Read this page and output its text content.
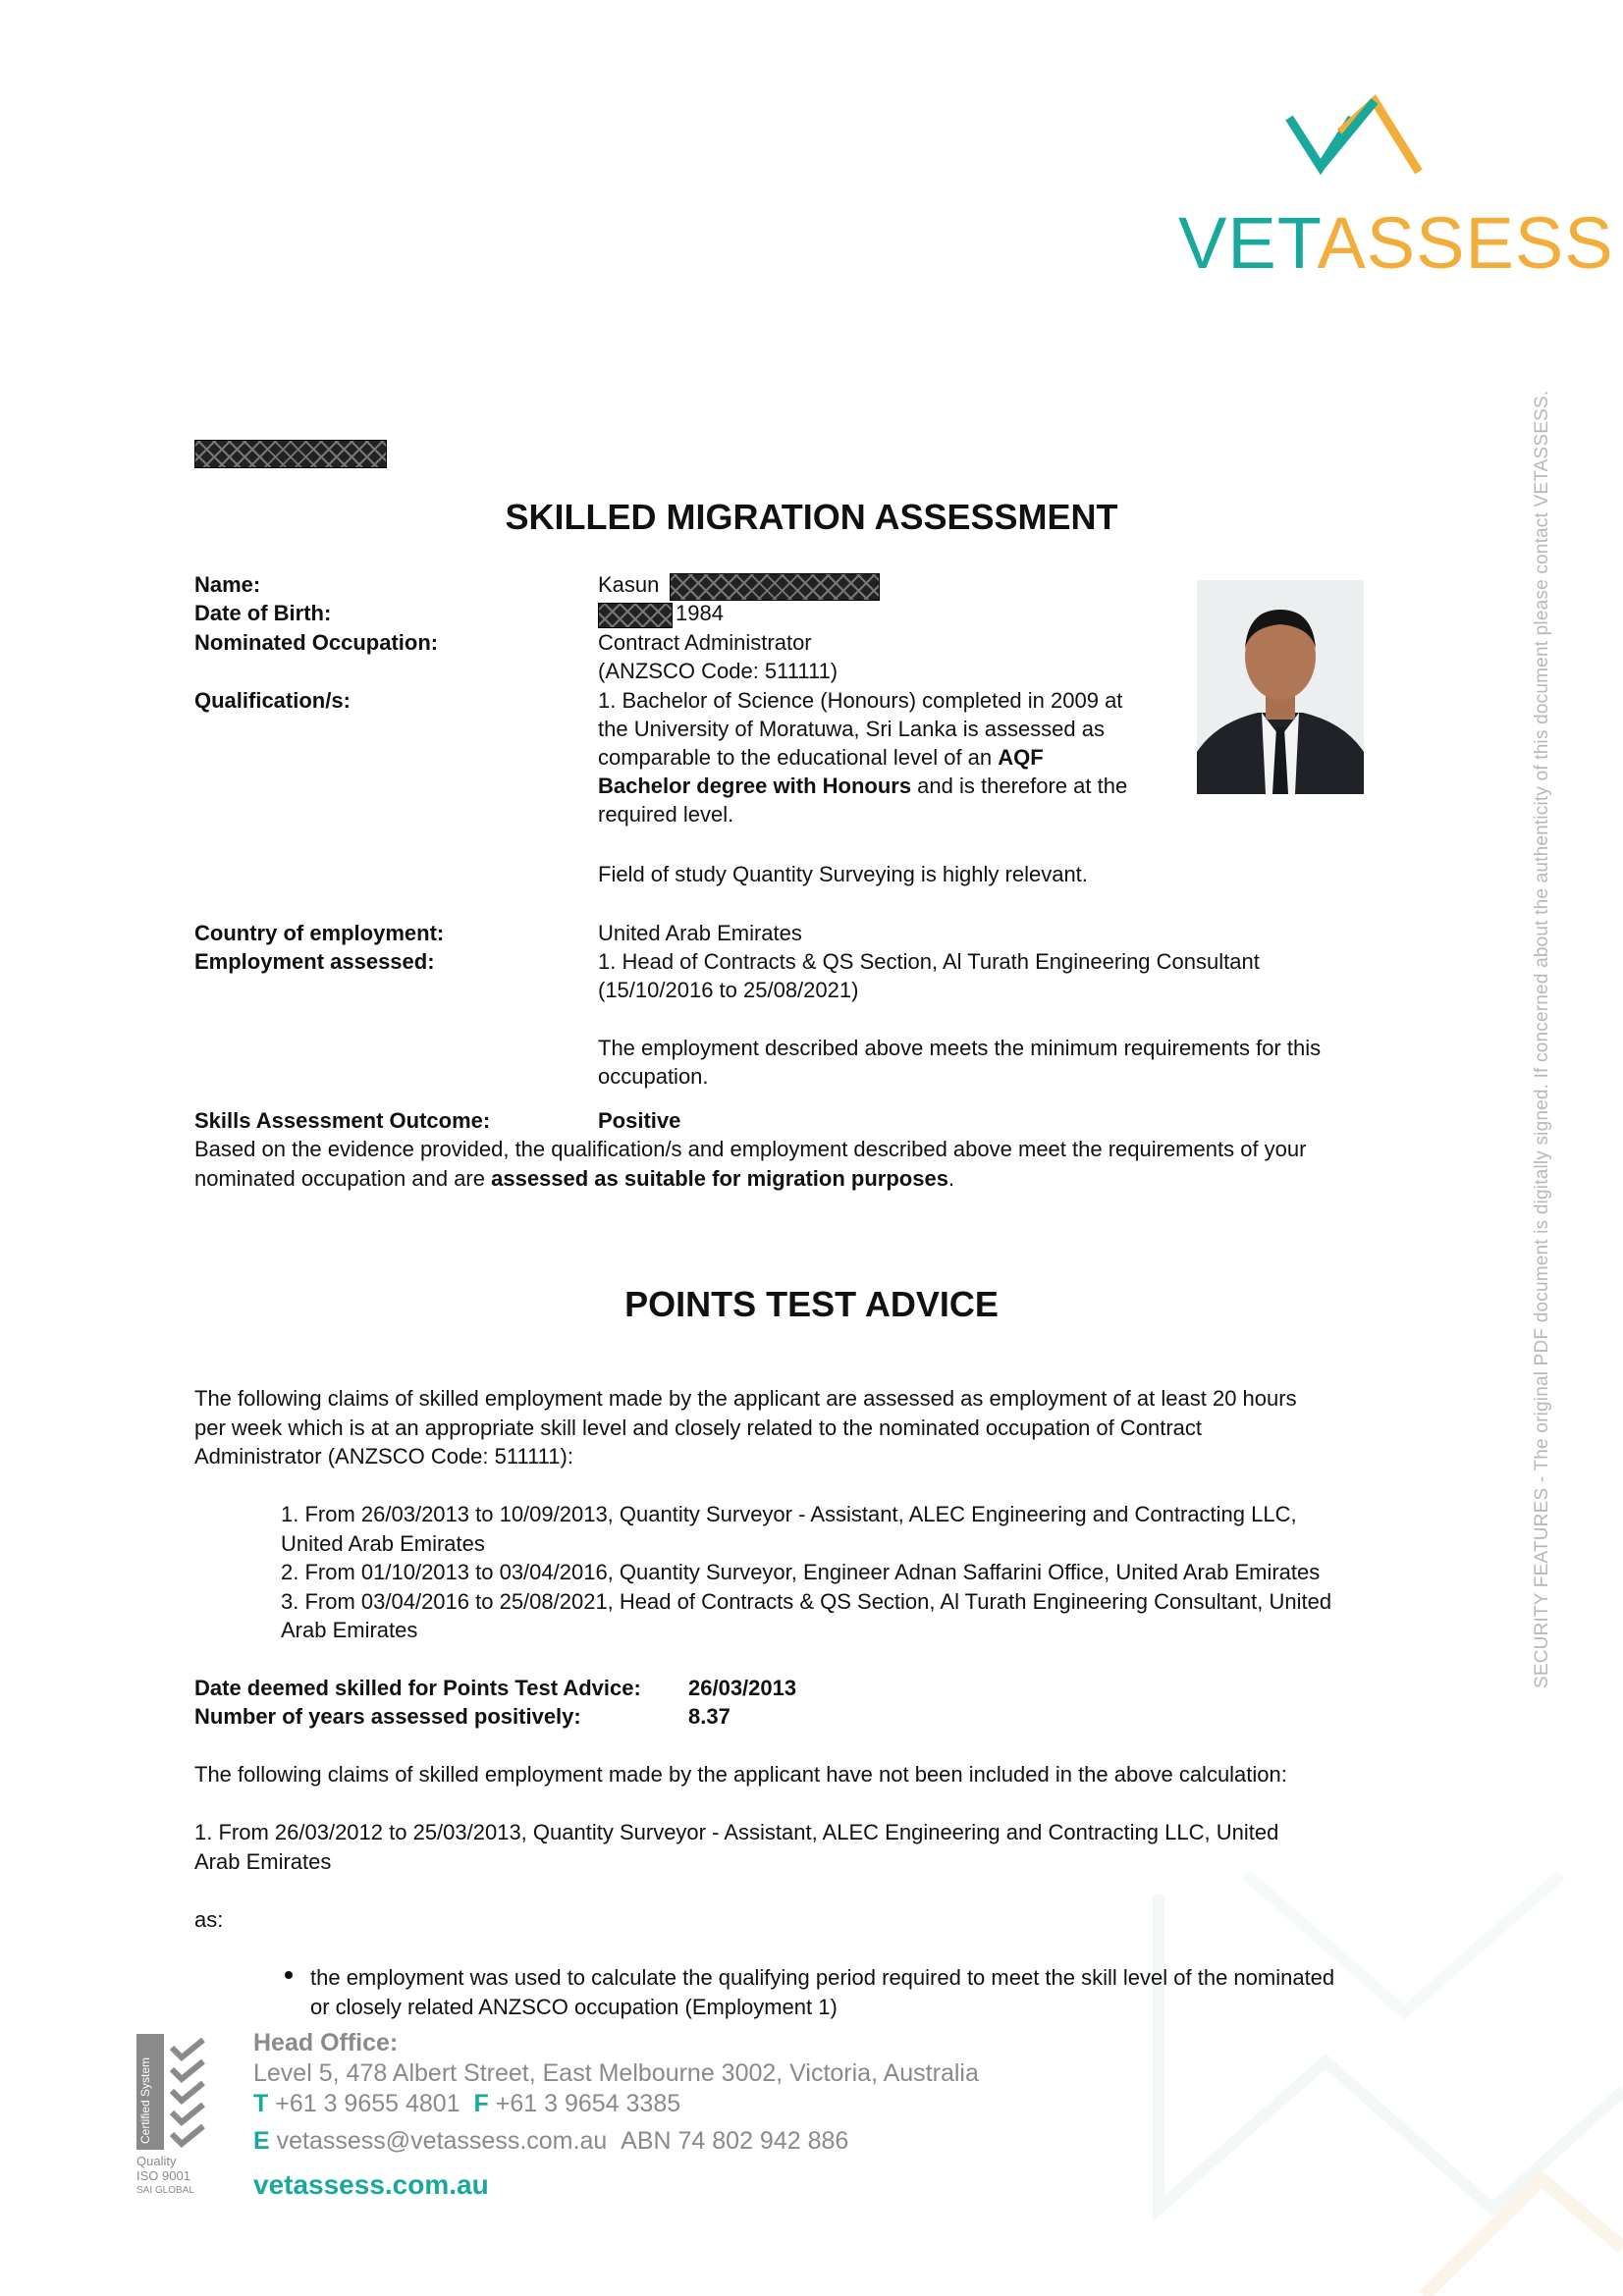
VETASSESS
SECURITY FEATURES - The original PDF document is digitally signed. If concerned about the authenticity of this document please contact VETASSESS.
SKILLED MIGRATION ASSESSMENT
Name:	Kasun
Date of Birth:	1984
Nominated Occupation:	Contract Administrator
(ANZSCO Code: 511111)
Qualification/s:	1. Bachelor of Science (Honours) completed in 2009 at
the University of Moratuwa, Sri Lanka is assessed as
comparable to the educational level of an AQF
Bachelor degree with Honours and is therefore at the
required level.
Field of study Quantity Surveying is highly relevant.
Country of employment:	United Arab Emirates
Employment assessed:	1. Head of Contracts & QS Section, Al Turath Engineering Consultant
(15/10/2016 to 25/08/2021)
The employment described above meets the minimum requirements for this
occupation.
Skills Assessment Outcome:	Positive
Based on the evidence provided, the qualification/s and employment described above meet the requirements of your
nominated occupation and are assessed as suitable for migration purposes.
POINTS TEST ADVICE
The following claims of skilled employment made by the applicant are assessed as employment of at least 20 hours
per week which is at an appropriate skill level and closely related to the nominated occupation of Contract
Administrator (ANZSCO Code: 511111):
1. From 26/03/2013 to 10/09/2013, Quantity Surveyor - Assistant, ALEC Engineering and Contracting LLC,
United Arab Emirates
2. From 01/10/2013 to 03/04/2016, Quantity Surveyor, Engineer Adnan Saffarini Office, United Arab Emirates
3. From 03/04/2016 to 25/08/2021, Head of Contracts & QS Section, Al Turath Engineering Consultant, United
Arab Emirates
Date deemed skilled for Points Test Advice: 26/03/2013
Number of years assessed positively:	8.37
The following claims of skilled employment made by the applicant have not been included in the above calculation:
1. From 26/03/2012 to 25/03/2013, Quantity Surveyor - Assistant, ALEC Engineering and Contracting LLC, United
Arab Emirates
as:
the employment was used to calculate the qualifying period required to meet the skill level of the nominated
or closely related ANZSCO occupation (Employment 1)
Certified System
Quality
ISO 9001
SAI GLOBAL
Head Office:
Level 5, 478 Albert Street, East Melbourne 3002, Victoria, Australia
T +61 3 9655 4801 F +61 3 9654 3385
E vetassess@vetassess.com.au ABN 74 802 942 886
vetassess.com.au
